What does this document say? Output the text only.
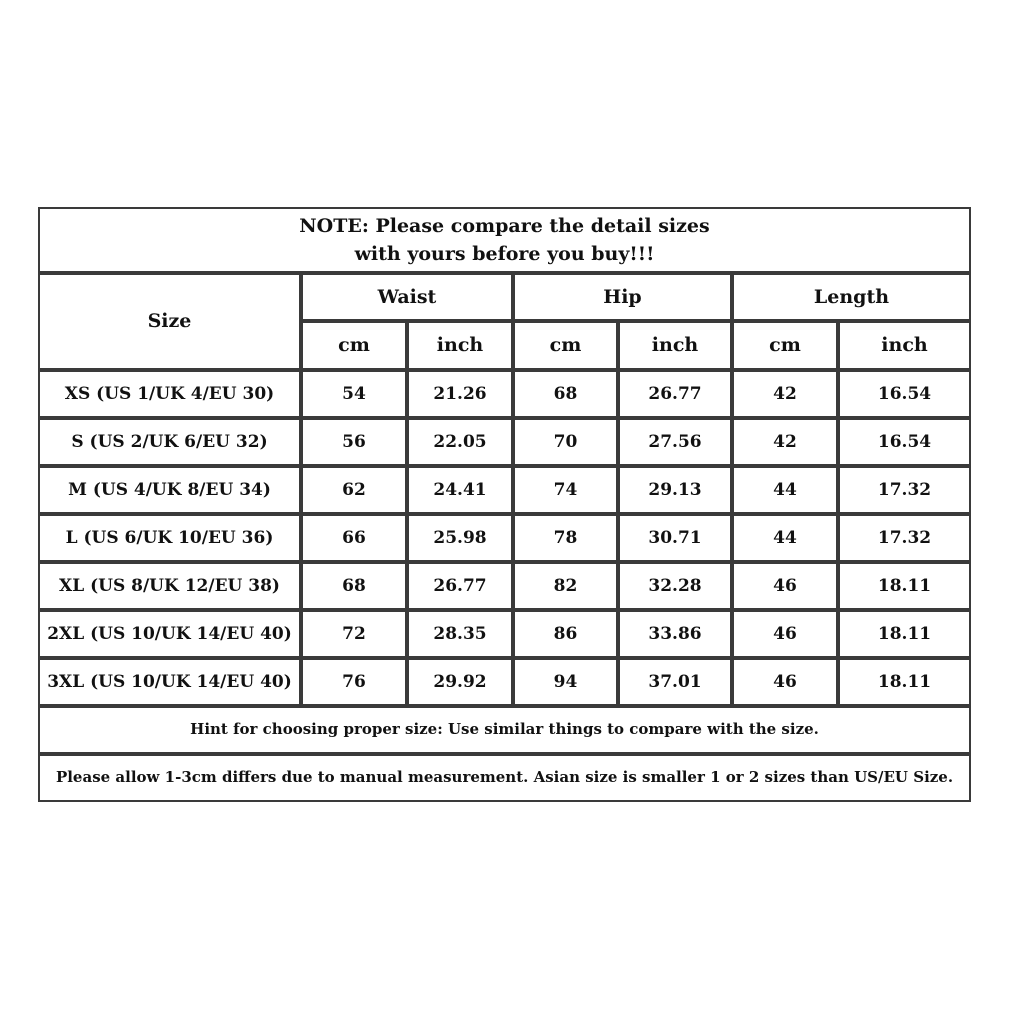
NOTE: Please compare the detail sizes
with yours before you buy!!!
Size
Waist	Hip	Length
cm	inch	cm	inch	cm	inch
XS (US 1/UK 4/EU 30)	54	21.26	68	26.77	42	16.54
S (US 2/UK 6/EU 32)	56	22.05	70	27.56	42	16.54
M (US 4/UK 8/EU 34)	62	24.41	74	29.13	44	17.32
L (US 6/UK 10/EU 36)	66	25.98	78	30.71	44	17.32
XL (US 8/UK 12/EU 38)	68	26.77	82	32.28	46	18.11
2XL (US 10/UK 14/EU 40)	72	28.35	86	33.86	46	18.11
3XL (US 10/UK 14/EU 40)	76	29.92	94	37.01	46	18.11
Hint for choosing proper size: Use similar things to compare with the size.
Please allow 1-3cm differs due to manual measurement. Asian size is smaller 1 or 2 sizes than US/EU Size.
